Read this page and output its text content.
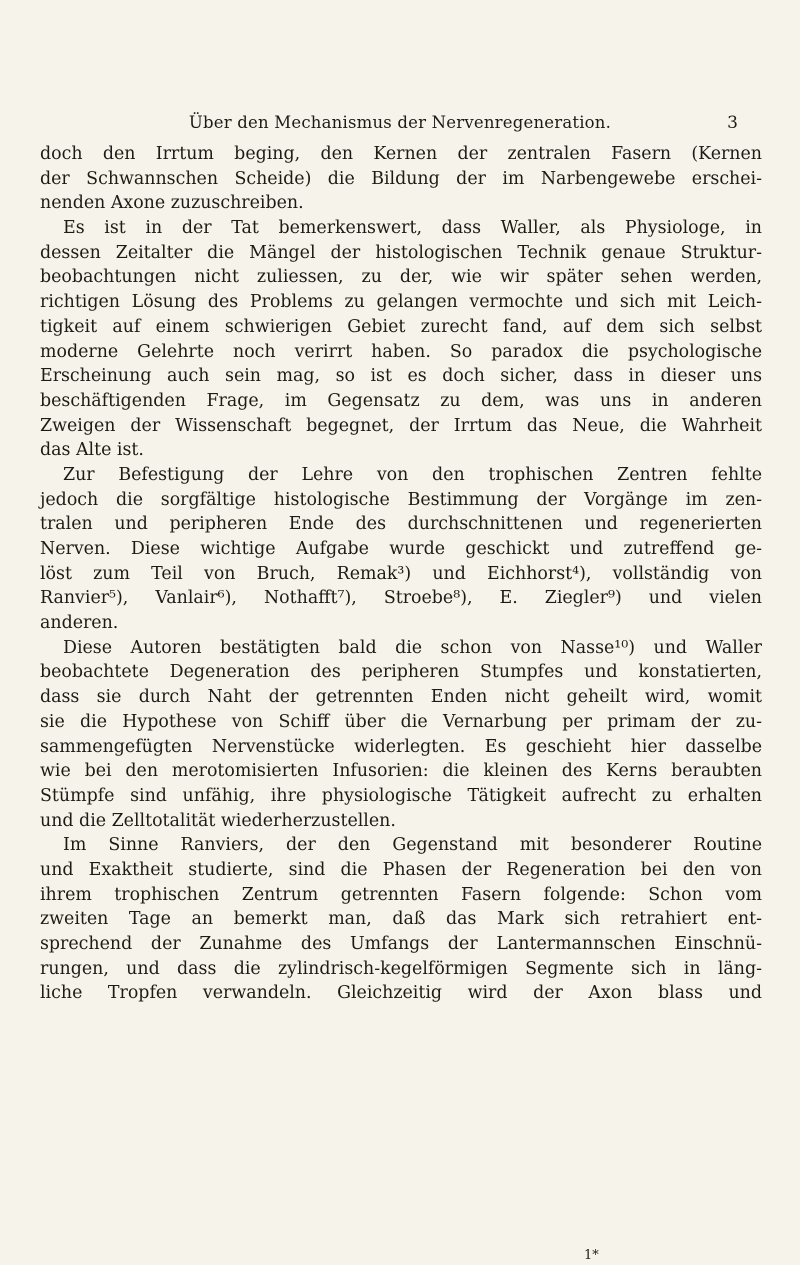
Über den Mechanismus der Nervenregeneration.	3
doch den Irrtum beging, den Kernen der zentralen Fasern (Kernen
der Schwannschen Scheide) die Bildung der im Narbengewebe erschei-
nenden Axone zuzuschreiben.
Es ist in der Tat bemerkenswert, dass Waller, als Physiologe, in
dessen Zeitalter die Mängel der histologischen Technik genaue Struktur-
beobachtungen nicht zuliessen, zu der, wie wir später sehen werden,
richtigen Lösung des Problems zu gelangen vermochte und sich mit Leich-
tigkeit auf einem schwierigen Gebiet zurecht fand, auf dem sich selbst
moderne Gelehrte noch verirrt haben. So paradox die psychologische
Erscheinung auch sein mag, so ist es doch sicher, dass in dieser uns
beschäftigenden Frage, im Gegensatz zu dem, was uns in anderen
Zweigen der Wissenschaft begegnet, der Irrtum das Neue, die Wahrheit
das Alte ist.
Zur Befestigung der Lehre von den trophischen Zentren fehlte
jedoch die sorgfältige histologische Bestimmung der Vorgänge im zen-
tralen und peripheren Ende des durchschnittenen und regenerierten
Nerven. Diese wichtige Aufgabe wurde geschickt und zutreffend ge-
löst zum Teil von Bruch, Remak³) und Eichhorst⁴), vollständig von
Ranvier⁵), Vanlair⁶), Nothafft⁷), Stroebe⁸), E. Ziegler⁹) und vielen
anderen.
Diese Autoren bestätigten bald die schon von Nasse¹⁰) und Waller
beobachtete Degeneration des peripheren Stumpfes und konstatierten,
dass sie durch Naht der getrennten Enden nicht geheilt wird, womit
sie die Hypothese von Schiff über die Vernarbung per primam der zu-
sammengefügten Nervenstücke widerlegten. Es geschieht hier dasselbe
wie bei den merotomisierten Infusorien: die kleinen des Kerns beraubten
Stümpfe sind unfähig, ihre physiologische Tätigkeit aufrecht zu erhalten
und die Zelltotalität wiederherzustellen.
Im Sinne Ranviers, der den Gegenstand mit besonderer Routine
und Exaktheit studierte, sind die Phasen der Regeneration bei den von
ihrem trophischen Zentrum getrennten Fasern folgende: Schon vom
zweiten Tage an bemerkt man, daß das Mark sich retrahiert ent-
sprechend der Zunahme des Umfangs der Lantermannschen Einschnü-
rungen, und dass die zylindrisch-kegelförmigen Segmente sich in läng-
liche Tropfen verwandeln. Gleichzeitig wird der Axon blass und
1*
